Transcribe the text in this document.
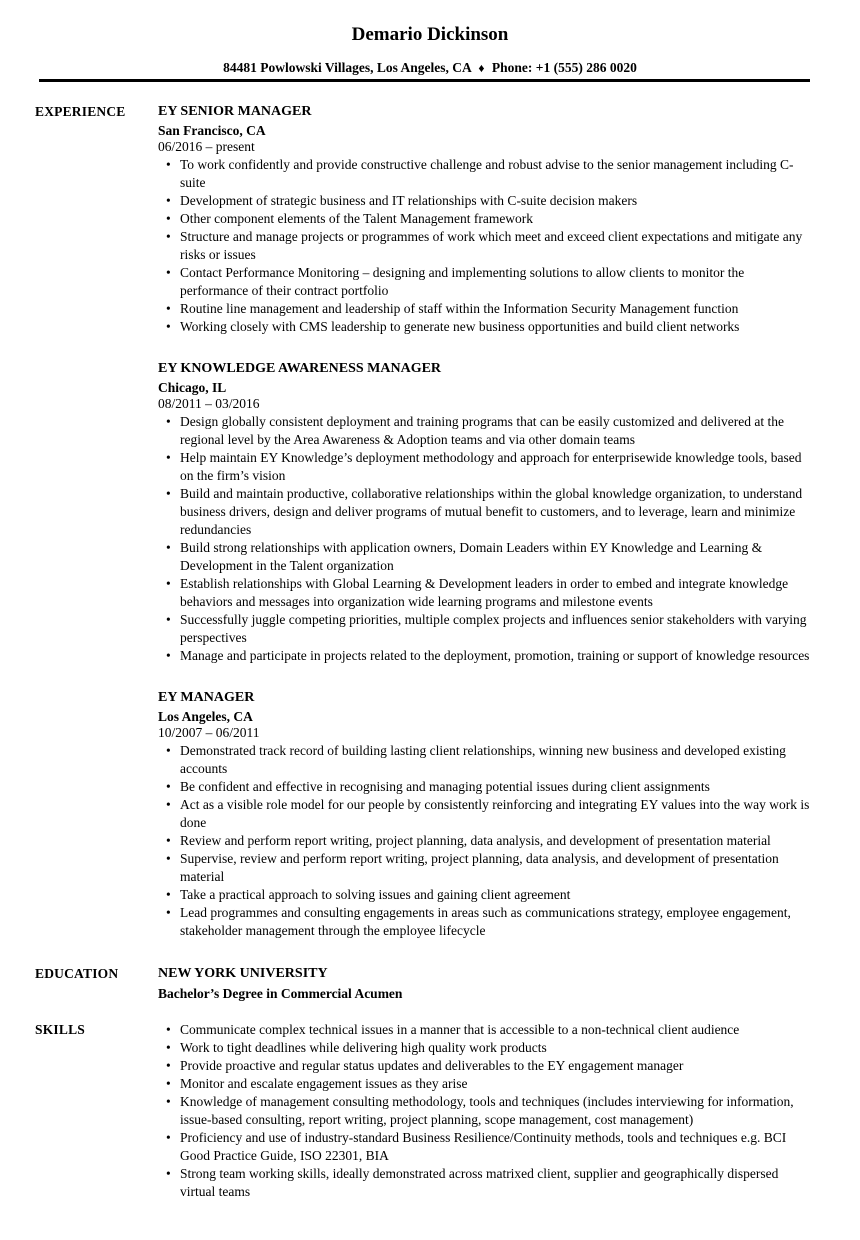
Demario Dickinson
84481 Powlowski Villages, Los Angeles, CA ♦ Phone: +1 (555) 286 0020
EXPERIENCE	EY SENIOR MANAGER
San Francisco, CA
06/2016 – present
• To work confidently and provide constructive challenge and robust advise to the senior management including C-suite
• Development of strategic business and IT relationships with C-suite decision makers
• Other component elements of the Talent Management framework
• Structure and manage projects or programmes of work which meet and exceed client expectations and mitigate any risks or issues
• Contact Performance Monitoring – designing and implementing solutions to allow clients to monitor the performance of their contract portfolio
• Routine line management and leadership of staff within the Information Security Management function
• Working closely with CMS leadership to generate new business opportunities and build client networks
EY KNOWLEDGE AWARENESS MANAGER
Chicago, IL
08/2011 – 03/2016
• Design globally consistent deployment and training programs that can be easily customized and delivered at the regional level by the Area Awareness & Adoption teams and via other domain teams
• Help maintain EY Knowledge’s deployment methodology and approach for enterprisewide knowledge tools, based on the firm’s vision
• Build and maintain productive, collaborative relationships within the global knowledge organization, to understand business drivers, design and deliver programs of mutual benefit to customers, and to leverage, learn and minimize redundancies
• Build strong relationships with application owners, Domain Leaders within EY Knowledge and Learning & Development in the Talent organization
• Establish relationships with Global Learning & Development leaders in order to embed and integrate knowledge behaviors and messages into organization wide learning programs and milestone events
• Successfully juggle competing priorities, multiple complex projects and influences senior stakeholders with varying perspectives
• Manage and participate in projects related to the deployment, promotion, training or support of knowledge resources
EY MANAGER
Los Angeles, CA
10/2007 – 06/2011
• Demonstrated track record of building lasting client relationships, winning new business and developed existing accounts
• Be confident and effective in recognising and managing potential issues during client assignments
• Act as a visible role model for our people by consistently reinforcing and integrating EY values into the way work is done
• Review and perform report writing, project planning, data analysis, and development of presentation material
• Supervise, review and perform report writing, project planning, data analysis, and development of presentation material
• Take a practical approach to solving issues and gaining client agreement
• Lead programmes and consulting engagements in areas such as communications strategy, employee engagement, stakeholder management through the employee lifecycle
EDUCATION	NEW YORK UNIVERSITY
Bachelor’s Degree in Commercial Acumen
SKILLS	• Communicate complex technical issues in a manner that is accessible to a non-technical client audience
• Work to tight deadlines while delivering high quality work products
• Provide proactive and regular status updates and deliverables to the EY engagement manager
• Monitor and escalate engagement issues as they arise
• Knowledge of management consulting methodology, tools and techniques (includes interviewing for information, issue-based consulting, report writing, project planning, scope management, cost management)
• Proficiency and use of industry-standard Business Resilience/Continuity methods, tools and techniques e.g. BCI Good Practice Guide, ISO 22301, BIA
• Strong team working skills, ideally demonstrated across matrixed client, supplier and geographically dispersed virtual teams
